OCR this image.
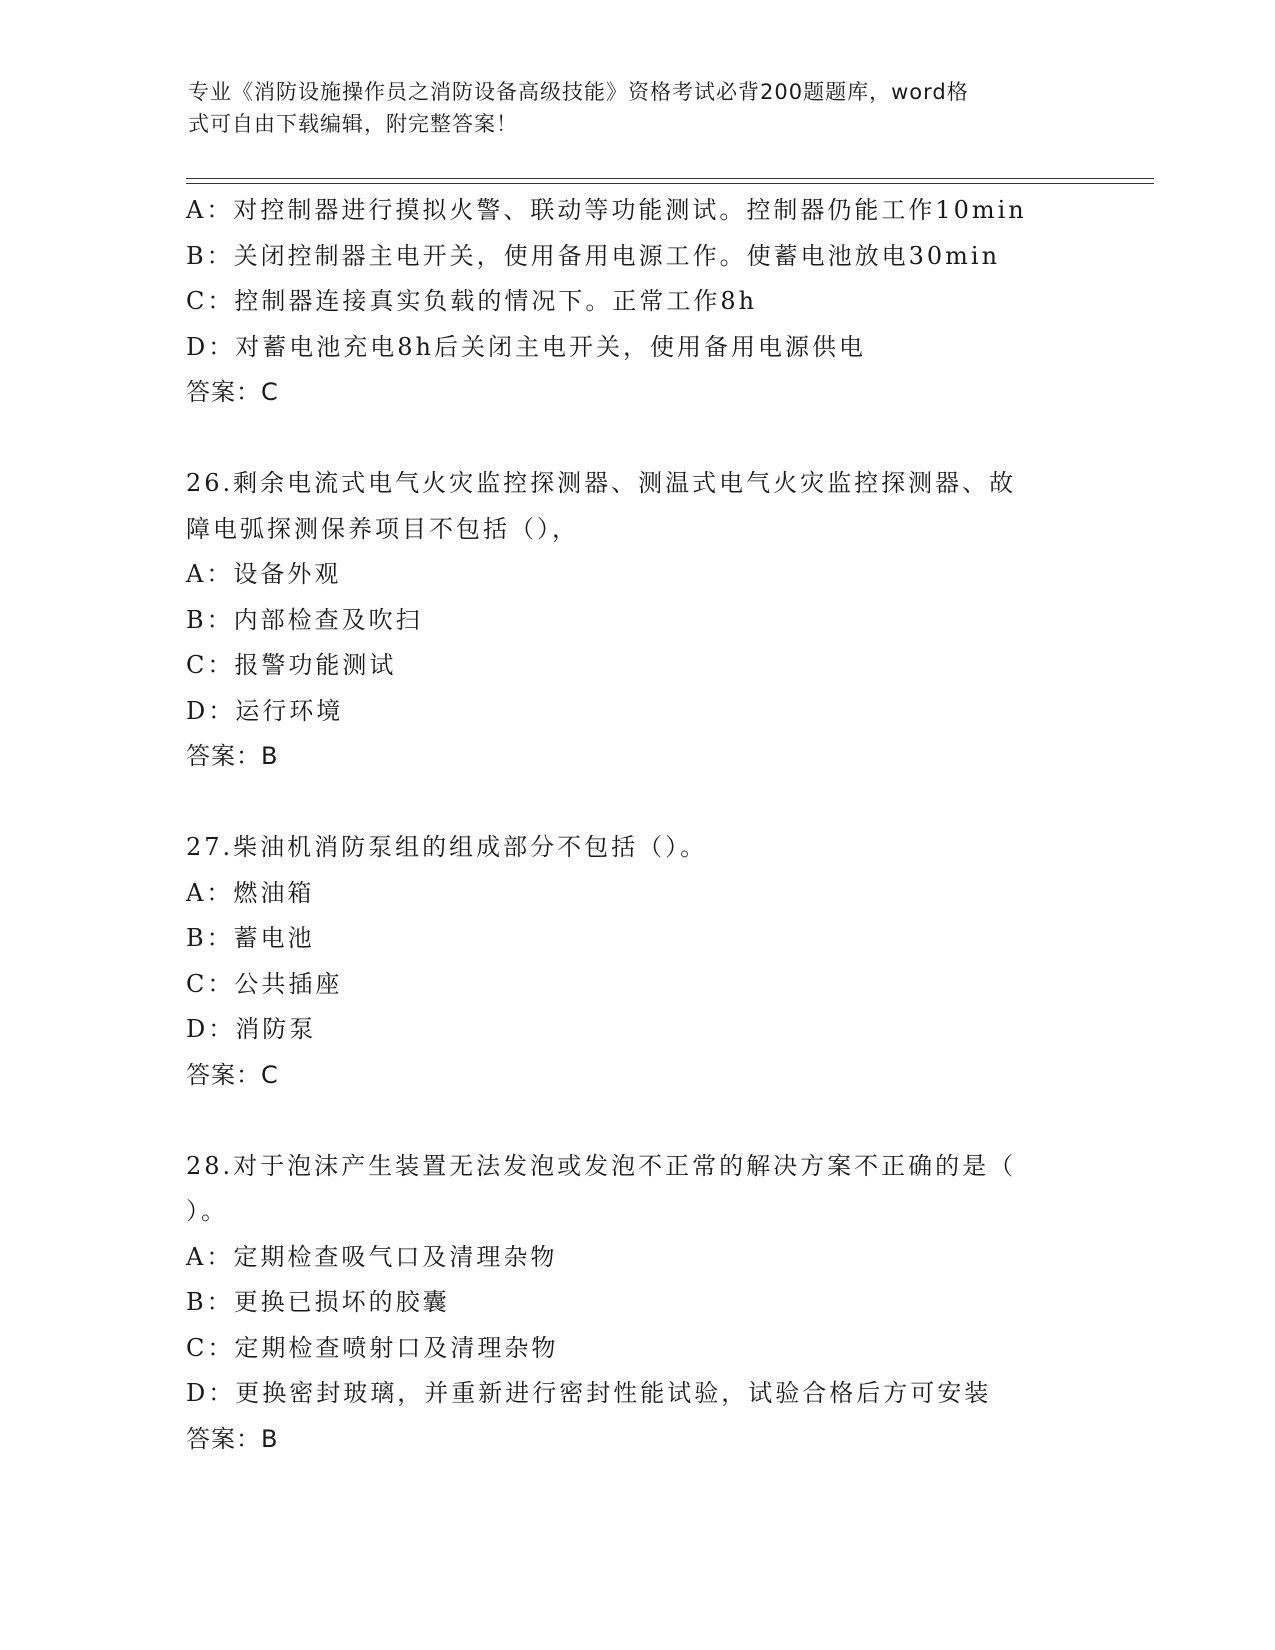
专业《消防设施操作员之消防设备高级技能》资格考试必背200题题库，word格
式可自由下载编辑，附完整答案！
A：对控制器进行摸拟火警、联动等功能测试。控制器仍能工作10min
B：关闭控制器主电开关，使用备用电源工作。使蓄电池放电30min
C：控制器连接真实负载的情况下。正常工作8h
D：对蓄电池充电8h后关闭主电开关，使用备用电源供电
答案：C
26.剩余电流式电气火灾监控探测器、测温式电气火灾监控探测器、故
障电弧探测保养项目不包括（），
A：设备外观
B：内部检查及吹扫
C：报警功能测试
D：运行环境
答案：B
27.柴油机消防泵组的组成部分不包括（）。
A：燃油箱
B：蓄电池
C：公共插座
D：消防泵
答案：C
28.对于泡沫产生装置无法发泡或发泡不正常的解决方案不正确的是（
）。
A：定期检查吸气口及清理杂物
B：更换已损坏的胶囊
C：定期检查喷射口及清理杂物
D：更换密封玻璃，并重新进行密封性能试验，试验合格后方可安装
答案：B
